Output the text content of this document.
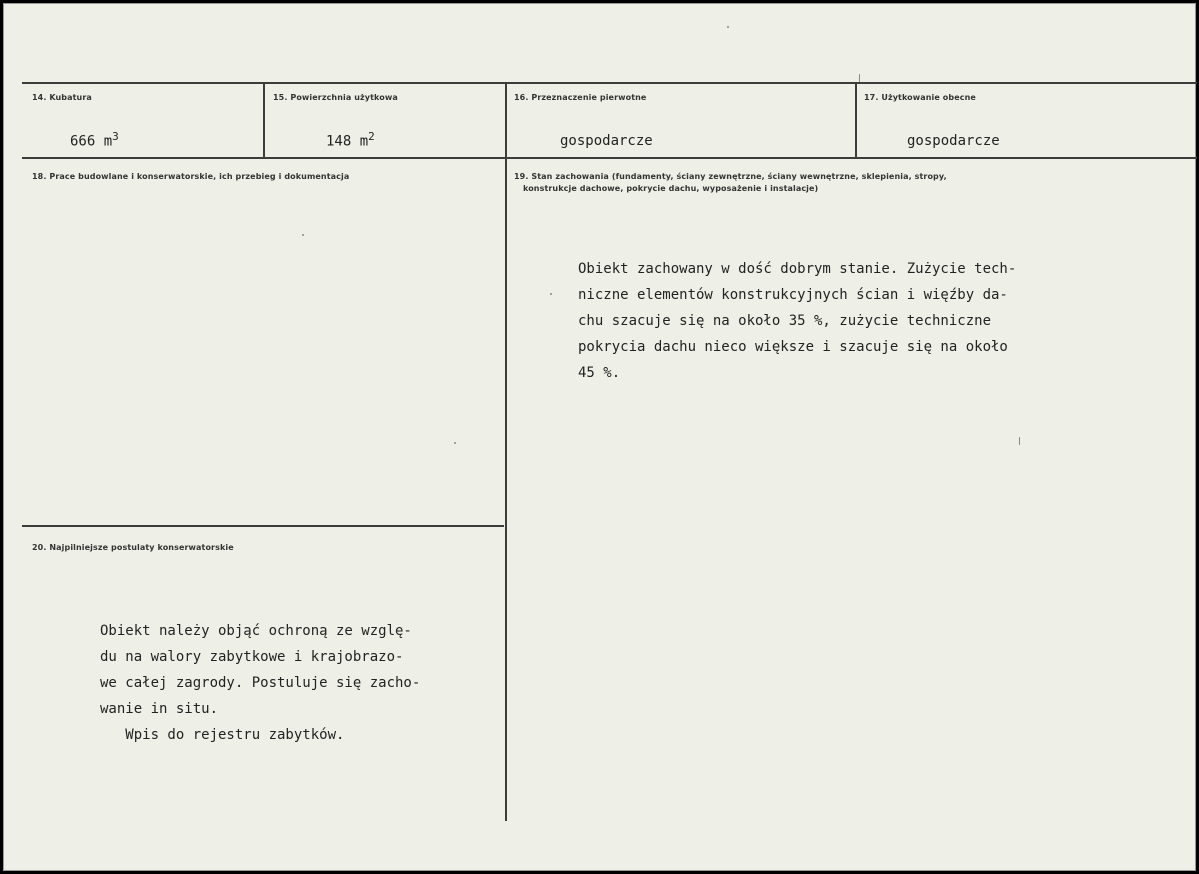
14. Kubatura
666 $m^3$
15. Powierzchnia użytkowa
148 $m^2$
16. Przeznaczenie pierwotne
gospodarcze
17. Użytkowanie obecne
gospodarcze
18. Prace budowlane i konserwatorskie, ich przebieg i dokumentacja	19. Stan zachowania (fundamenty, ściany zewnętrzne, ściany wewnętrzne, sklepienia, stropy,
konstrukcje dachowe, pokrycie dachu, wyposażenie i instalacje)

Obiekt zachowany w dość dobrym stanie. Zużycie tech-
niczne elementów konstrukcyjnych ścian i więźby da-
chu szacuje się na około 35 %, zużycie techniczne
pokrycia dachu nieco większe i szacuje się na około
45 %.
20. Najpilniejsze postulaty konserwatorskie

Obiekt należy objąć ochroną ze wzglę-
du na walory zabytkowe i krajobrazo-
we całej zagrody. Postuluje się zacho-
wanie in situ.
Wpis do rejestru zabytków.
